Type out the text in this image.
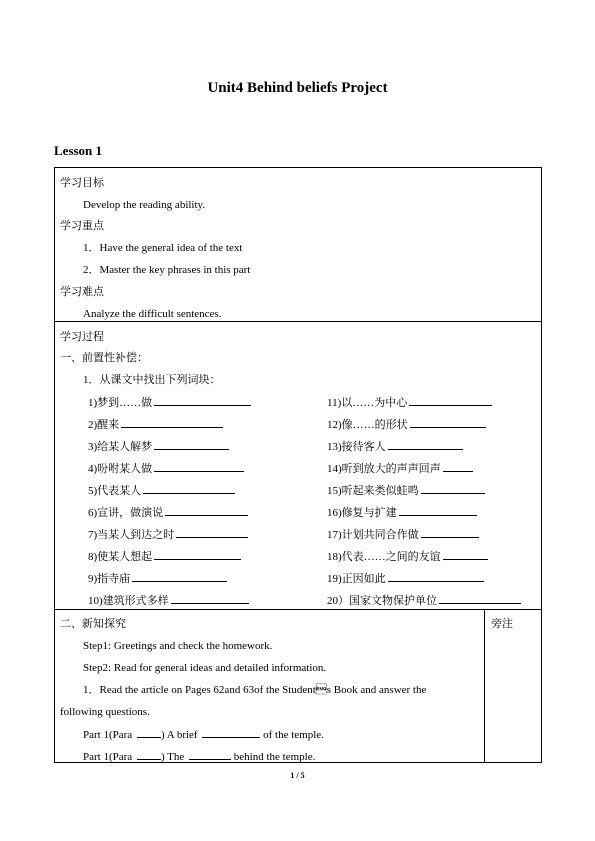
Unit4 Behind beliefs Project
Lesson 1
学习目标
Develop the reading ability.
学习重点
1．Have the general idea of the text
2．Master the key phrases in this part
学习难点
Analyze the difficult sentences.
学习过程
一、前置性补偿：
1．从课文中找出下列词块：
1)梦到……做
2)醒来
3)给某人解梦
4)吩咐某人做
5)代表某人
6)宣讲，做演说
7)当某人到达之时
8)使某人想起
9)指寺庙
10)建筑形式多样
11)以……为中心
12)像……的形状
13)接待客人
14)听到放大的声声回声
15)听起来类似蛙鸣
16)修复与扩建
17)计划共同合作做
18)代表……之间的友谊
19)正因如此
20）国家文物保护单位
二、新知探究	旁注
Step1: Greetings and check the homework.
Step2: Read for general ideas and detailed information.
1．Read the article on Pages 62and 63of the Students Book and answer the
following questions.
Part 1(Para	) A brief	of the temple.
Part 1(Para	) The	behind the temple.
1 / 5
